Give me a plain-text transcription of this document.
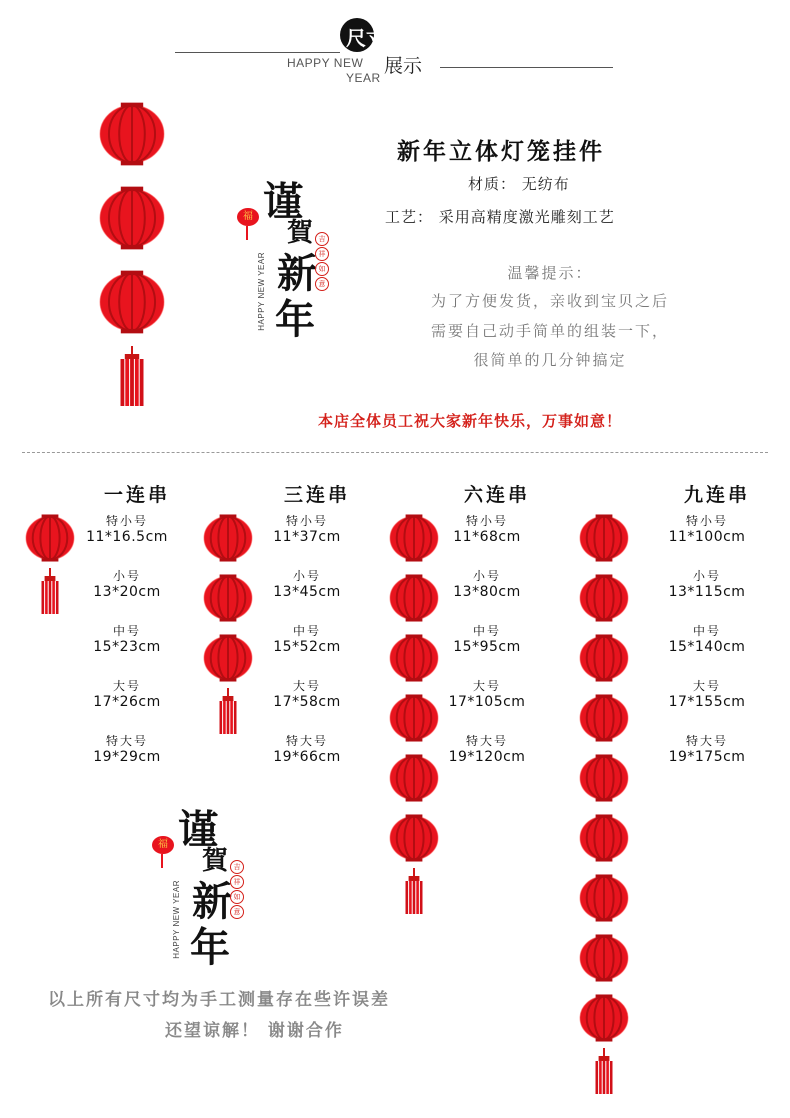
尺寸
HAPPY NEW
YEAR
展示
谨
賀
新
年
HAPPY NEW YEAR
吉
祥
如
意
福
新年立体灯笼挂件
材质： 无纺布
工艺： 采用高精度激光雕刻工艺
温馨提示：
为了方便发货，亲收到宝贝之后
需要自己动手简单的组装一下，
很简单的几分钟搞定
本店全体员工祝大家新年快乐，万事如意！
一连串
特小号
11*16.5cm
小号
13*20cm
中号
15*23cm
大号
17*26cm
特大号
19*29cm
三连串
特小号
11*37cm
小号
13*45cm
中号
15*52cm
大号
17*58cm
特大号
19*66cm
六连串
特小号
11*68cm
小号
13*80cm
中号
15*95cm
大号
17*105cm
特大号
19*120cm
九连串
特小号
11*100cm
小号
13*115cm
中号
15*140cm
大号
17*155cm
特大号
19*175cm
谨
賀
新
年
HAPPY NEW YEAR
吉
祥
如
意
福
以上所有尺寸均为手工测量存在些许误差
还望谅解！ 谢谢合作
